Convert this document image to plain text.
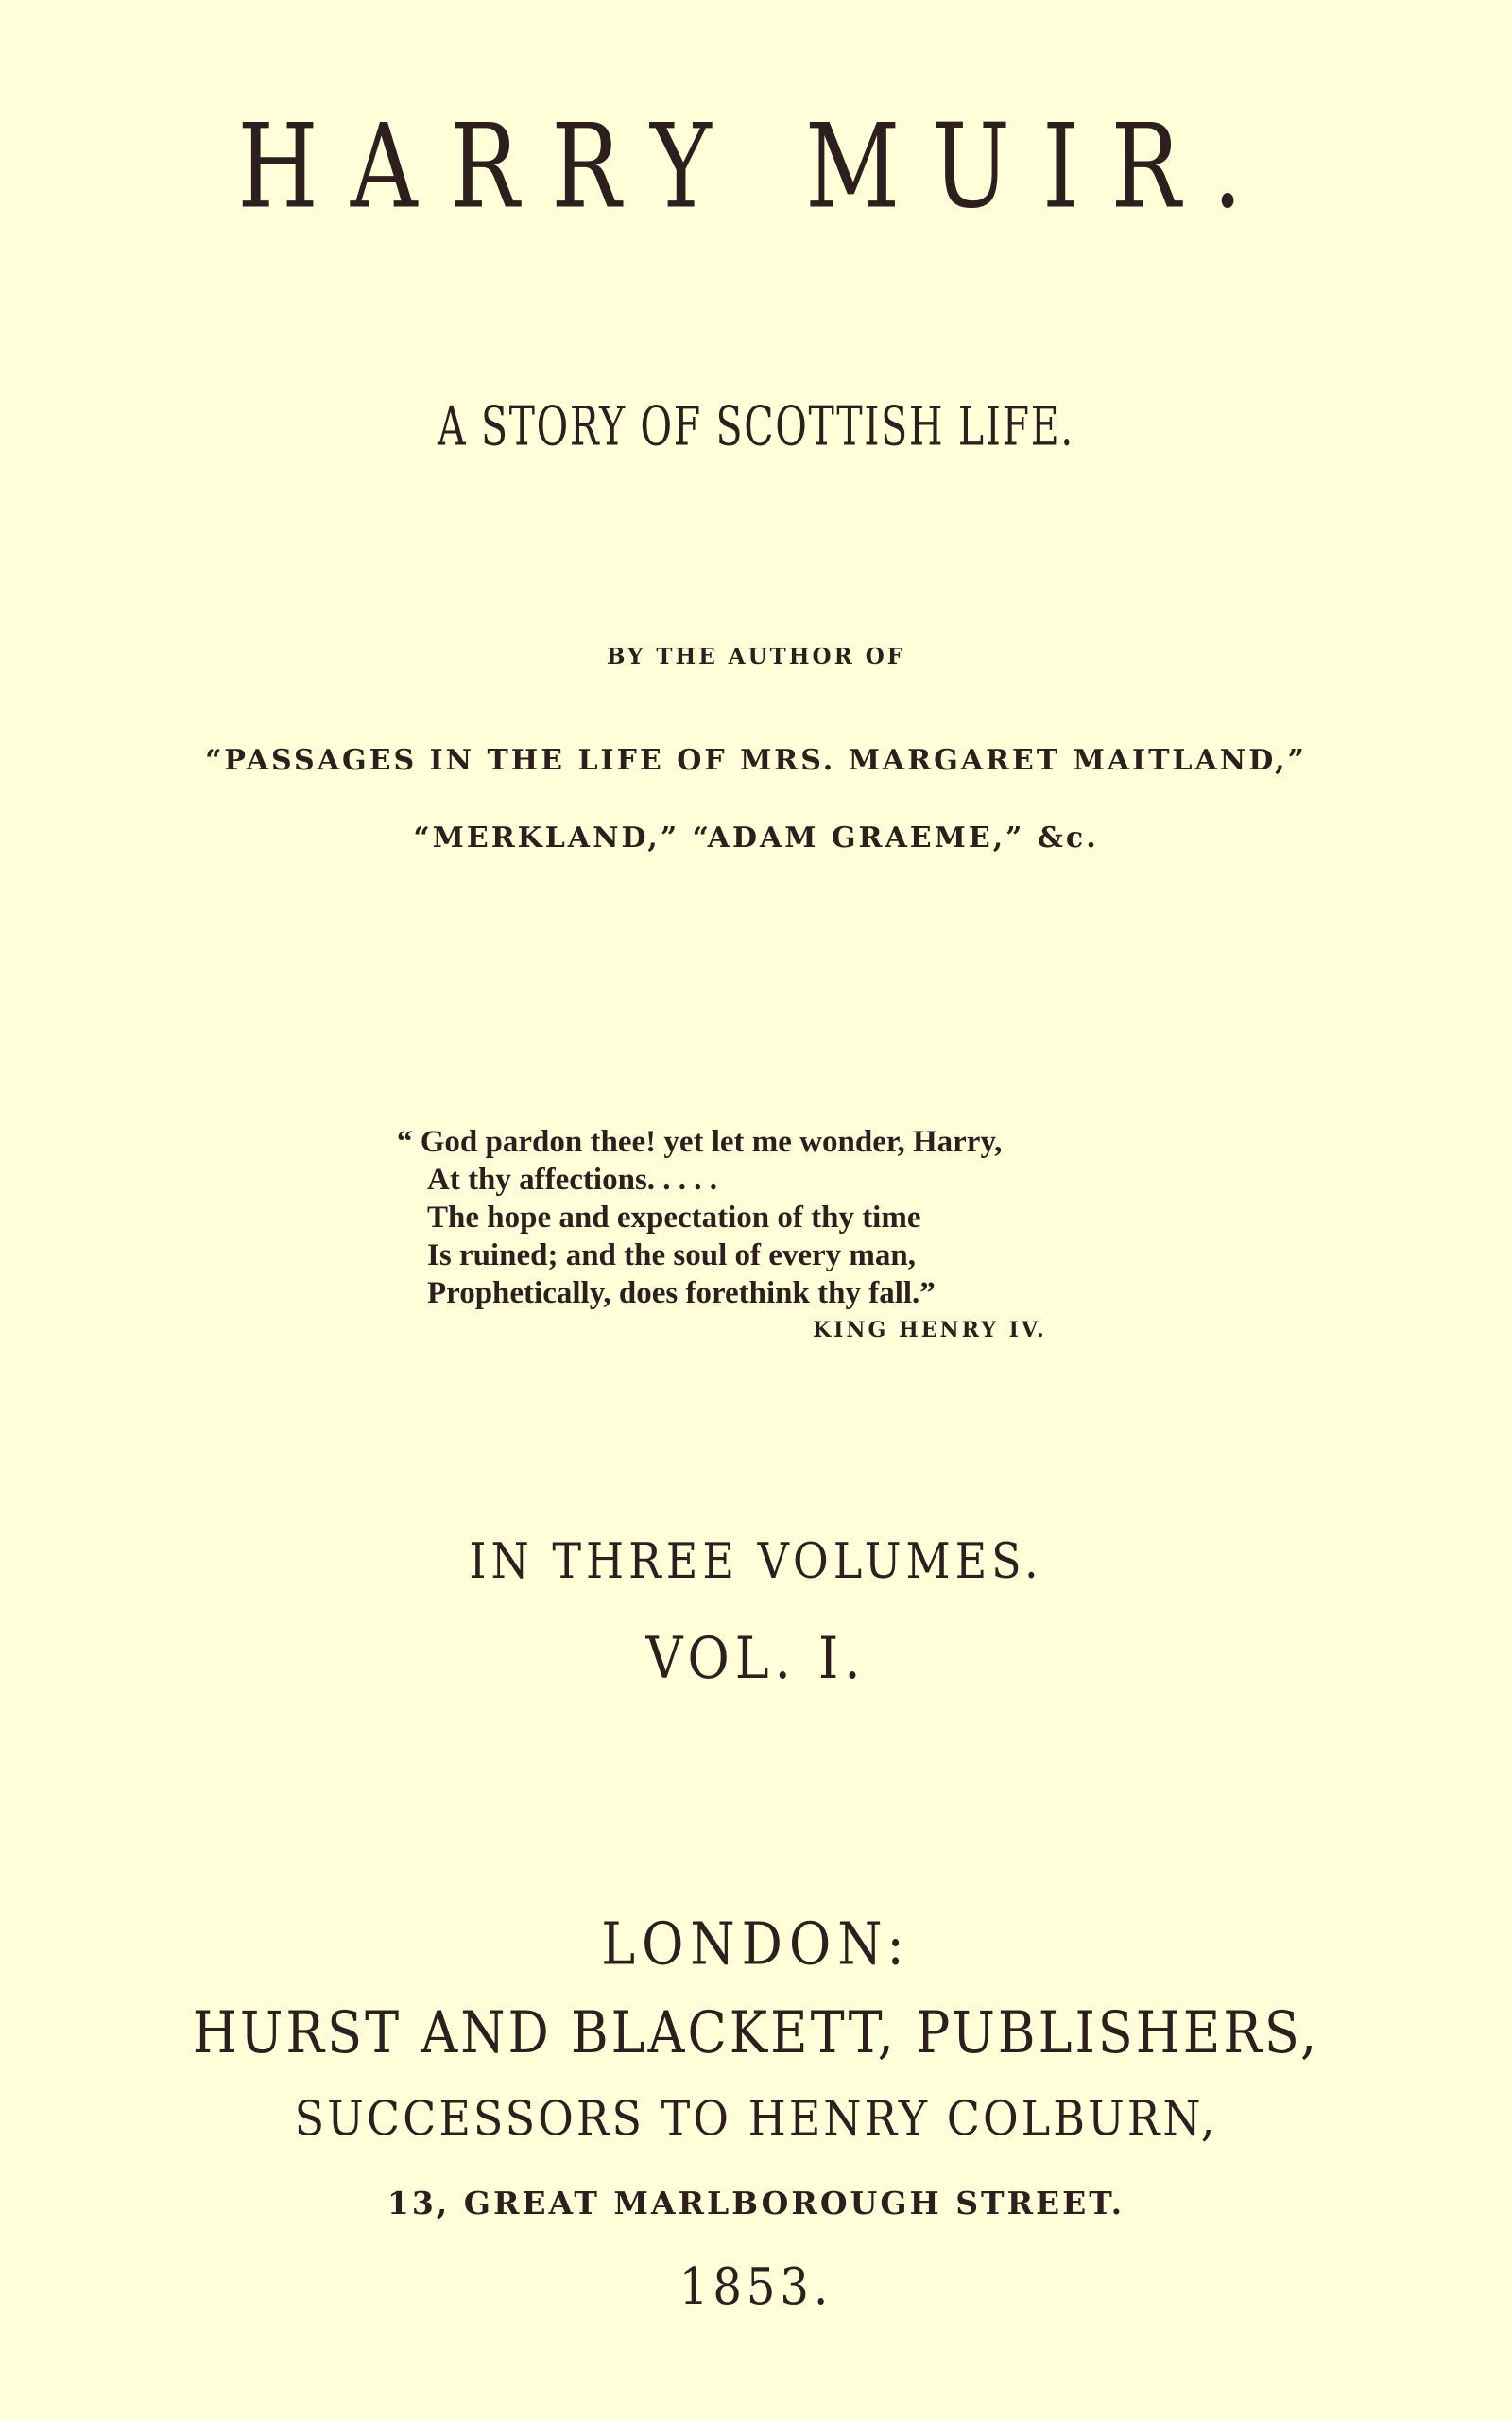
HARRY MUIR.
A STORY OF SCOTTISH LIFE.
BY THE AUTHOR OF
“PASSAGES IN THE LIFE OF MRS. MARGARET MAITLAND,”
“MERKLAND,” “ADAM GRAEME,” &c.
“ God pardon thee! yet let me wonder, Harry,
At thy affections. . . . .
The hope and expectation of thy time
Is ruined; and the soul of every man,
Prophetically, does forethink thy fall.”
KING HENRY IV.
IN THREE VOLUMES.
VOL. I.
LONDON:
HURST AND BLACKETT, PUBLISHERS,
SUCCESSORS TO HENRY COLBURN,
13, GREAT MARLBOROUGH STREET.
1853.
